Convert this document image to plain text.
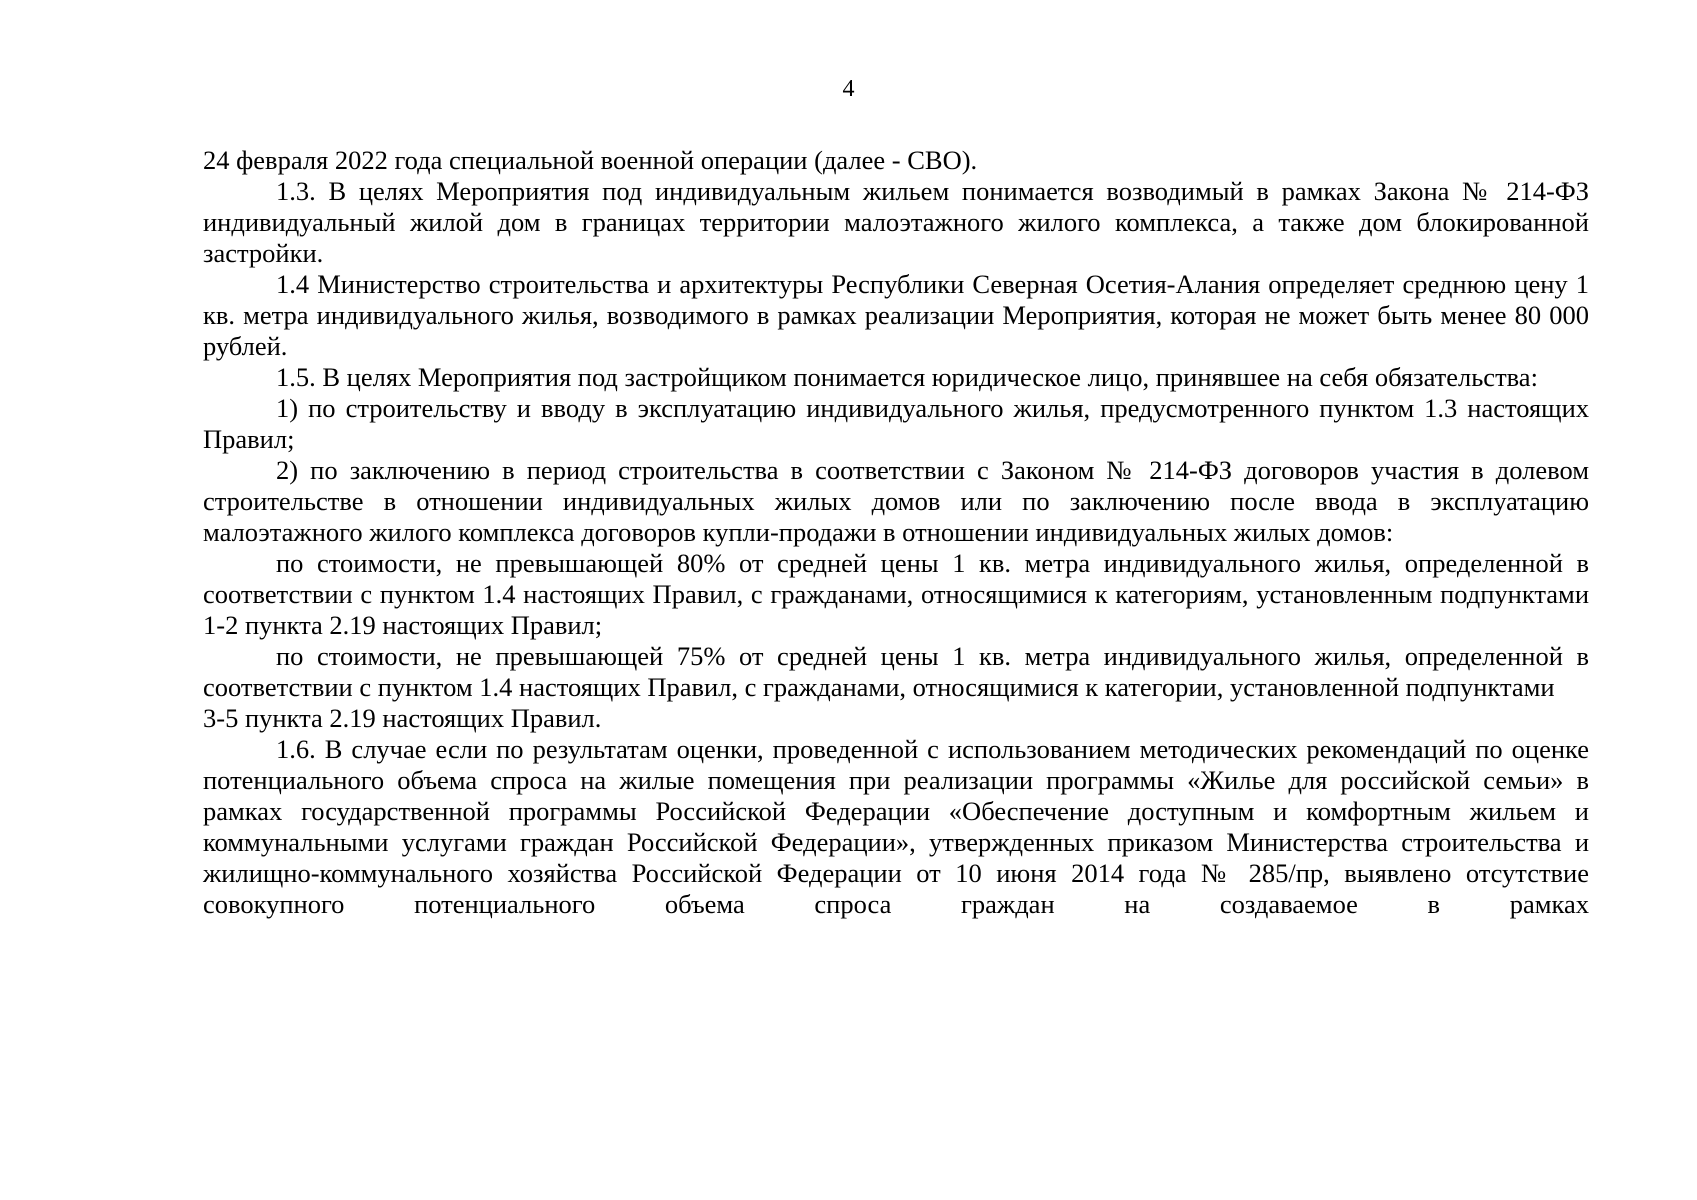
4

24 февраля 2022 года специальной военной операции (далее - СВО).

1.3. В целях Мероприятия под индивидуальным жильем понимается возводимый в рамках Закона № 214-ФЗ индивидуальный жилой дом в границах территории малоэтажного жилого комплекса, а также дом блокированной застройки.

1.4 Министерство строительства и архитектуры Республики Северная Осетия-Алания определяет среднюю цену 1 кв. метра индивидуального жилья, возводимого в рамках реализации Мероприятия, которая не может быть менее 80 000 рублей.

1.5. В целях Мероприятия под застройщиком понимается юридическое лицо, принявшее на себя обязательства:

1) по строительству и вводу в эксплуатацию индивидуального жилья, предусмотренного пунктом 1.3 настоящих Правил;

2) по заключению в период строительства в соответствии с Законом № 214-ФЗ договоров участия в долевом строительстве в отношении индивидуальных жилых домов или по заключению после ввода в эксплуатацию малоэтажного жилого комплекса договоров купли-продажи в отношении индивидуальных жилых домов:

по стоимости, не превышающей 80% от средней цены 1 кв. метра индивидуального жилья, определенной в соответствии с пунктом 1.4 настоящих Правил, с гражданами, относящимися к категориям, установленным подпунктами 1-2 пункта 2.19 настоящих Правил;

по стоимости, не превышающей 75% от средней цены 1 кв. метра индивидуального жилья, определенной в соответствии с пунктом 1.4 настоящих Правил, с гражданами, относящимися к категории, установленной подпунктами

3-5 пункта 2.19 настоящих Правил.

1.6. В случае если по результатам оценки, проведенной с использованием методических рекомендаций по оценке потенциального объема спроса на жилые помещения при реализации программы «Жилье для российской семьи» в рамках государственной программы Российской Федерации «Обеспечение доступным и комфортным жильем и коммунальными услугами граждан Российской Федерации», утвержденных приказом Министерства строительства и жилищно-коммунального хозяйства Российской Федерации от 10 июня 2014 года № 285/пр, выявлено отсутствие совокупного потенциального объема спроса граждан на создаваемое в рамках
